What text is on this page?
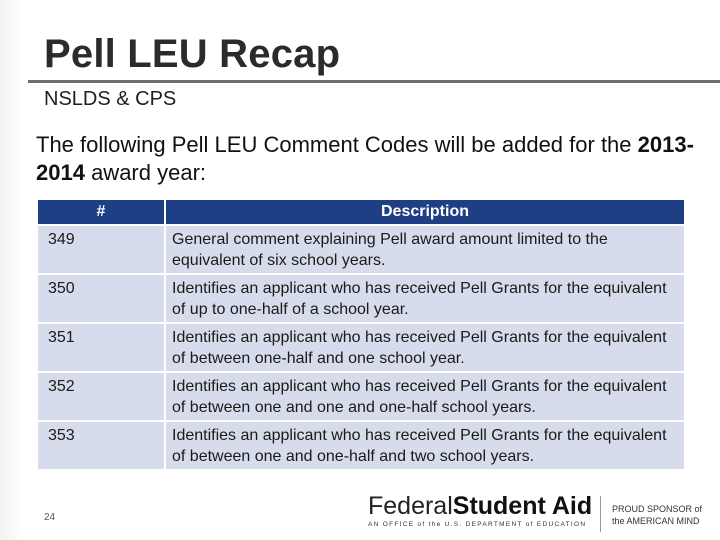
Pell LEU Recap
NSLDS & CPS
The following Pell LEU Comment Codes will be added for the 2013-2014 award year:
#	Description
349	General comment explaining Pell award amount limited to the equivalent of six school years.
350	Identifies an applicant who has received Pell Grants for the equivalent of up to one-half of a school year.
351	Identifies an applicant who has received Pell Grants for the equivalent of between one-half and one school year.
352	Identifies an applicant who has received Pell Grants for the equivalent of between one and one and one-half school years.
353	Identifies an applicant who has received Pell Grants for the equivalent of between one and one-half and two school years.
24	FederalStudent Aid
AN OFFICE of the U.S. DEPARTMENT of EDUCATION
PROUD SPONSOR of
the AMERICAN MIND
